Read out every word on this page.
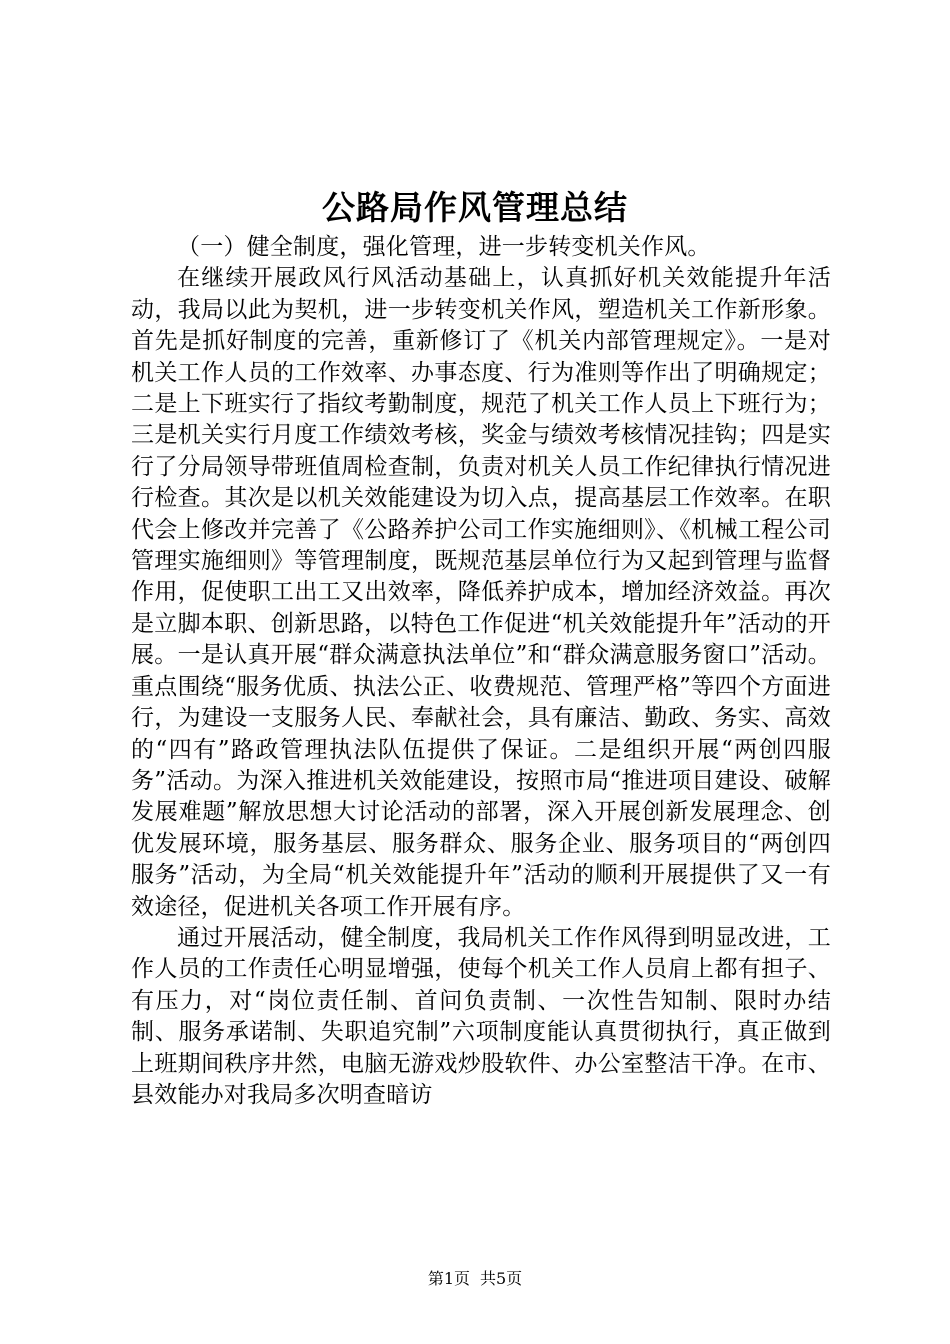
公路局作风管理总结

（一）健全制度，强化管理，进一步转变机关作风。

在继续开展政风行风活动基础上，认真抓好机关效能提升年活动，我局以此为契机，进一步转变机关作风，塑造机关工作新形象。首先是抓好制度的完善，重新修订了《机关内部管理规定》。一是对机关工作人员的工作效率、办事态度、行为准则等作出了明确规定；二是上下班实行了指纹考勤制度，规范了机关工作人员上下班行为；三是机关实行月度工作绩效考核，奖金与绩效考核情况挂钩；四是实行了分局领导带班值周检查制，负责对机关人员工作纪律执行情况进行检查。其次是以机关效能建设为切入点，提高基层工作效率。在职代会上修改并完善了《公路养护公司工作实施细则》、《机械工程公司管理实施细则》等管理制度，既规范基层单位行为又起到管理与监督作用，促使职工出工又出效率，降低养护成本，增加经济效益。再次是立脚本职、创新思路，以特色工作促进“机关效能提升年”活动的开展。一是认真开展“群众满意执法单位”和“群众满意服务窗口”活动。重点围绕“服务优质、执法公正、收费规范、管理严格”等四个方面进行，为建设一支服务人民、奉献社会，具有廉洁、勤政、务实、高效的“四有”路政管理执法队伍提供了保证。二是组织开展“两创四服务”活动。为深入推进机关效能建设，按照市局“推进项目建设、破解发展难题”解放思想大讨论活动的部署，深入开展创新发展理念、创优发展环境，服务基层、服务群众、服务企业、服务项目的“两创四服务”活动，为全局“机关效能提升年”活动的顺利开展提供了又一有效途径，促进机关各项工作开展有序。

通过开展活动，健全制度，我局机关工作作风得到明显改进，工作人员的工作责任心明显增强，使每个机关工作人员肩上都有担子、有压力，对“岗位责任制、首问负责制、一次性告知制、限时办结制、服务承诺制、失职追究制”六项制度能认真贯彻执行，真正做到上班期间秩序井然，电脑无游戏炒股软件、办公室整洁干净。在市、县效能办对我局多次明查暗访

第1页 共5页
